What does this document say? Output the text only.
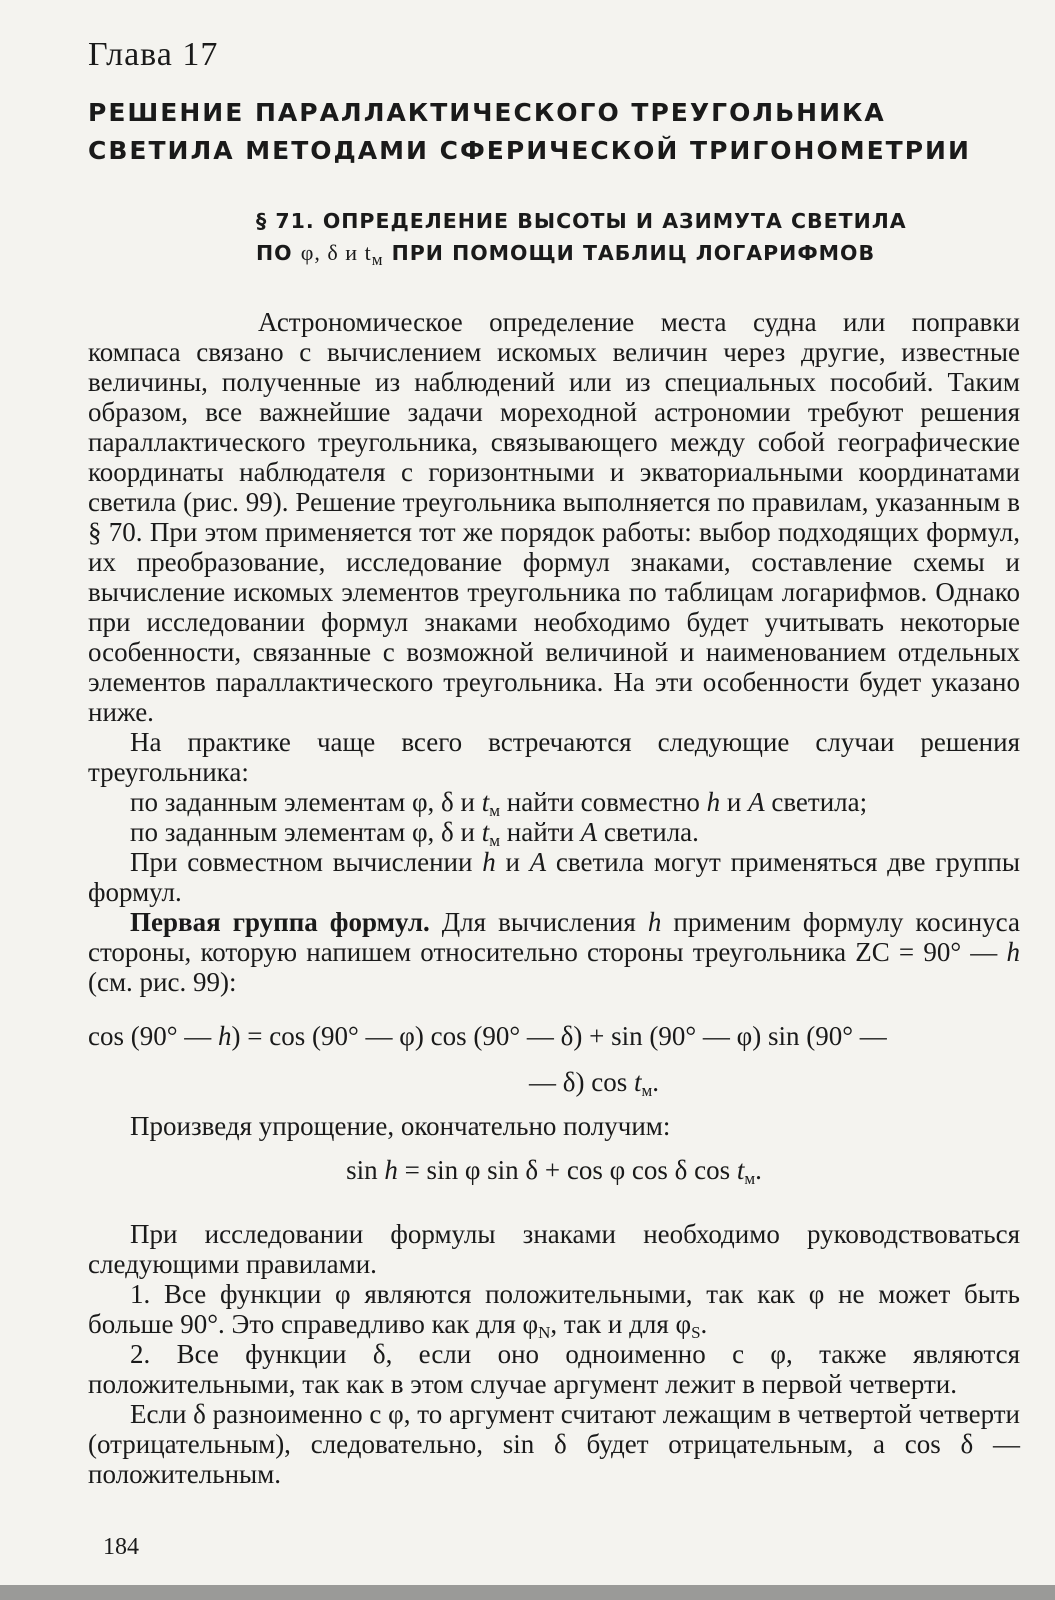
Глава 17
РЕШЕНИЕ ПАРАЛЛАКТИЧЕСКОГО ТРЕУГОЛЬНИКА
СВЕТИЛА МЕТОДАМИ СФЕРИЧЕСКОЙ ТРИГОНОМЕТРИИ
§ 71. ОПРЕДЕЛЕНИЕ ВЫСОТЫ И АЗИМУТА СВЕТИЛА
ПО φ, δ и $t_м$ ПРИ ПОМОЩИ ТАБЛИЦ ЛОГАРИФМОВ

Астрономическое определение места судна или поправки компаса связано с вычислением искомых величин через другие, известные величины, полученные из наблюдений или из специальных пособий. Таким образом, все важнейшие задачи мореходной астрономии требуют решения параллактического треугольника, связывающего между собой географические координаты наблюдателя с горизонтными и экваториальными координатами светила (рис. 99). Решение треугольника выполняется по правилам, указанным в § 70. При этом применяется тот же порядок работы: выбор подходящих формул, их преобразование, исследование формул знаками, составление схемы и вычисление искомых элементов треугольника по таблицам логарифмов. Однако при исследовании формул знаками необходимо будет учитывать некоторые особенности, связанные с возможной величиной и наименованием отдельных элементов параллактического треугольника. На эти особенности будет указано ниже.

На практике чаще всего встречаются следующие случаи решения треугольника:

по заданным элементам φ, δ и $t_м$ найти совместно h и A светила;

по заданным элементам φ, δ и $t_м$ найти A светила.

При совместном вычислении h и A светила могут применяться две группы формул.

Первая группа формул. Для вычисления h применим формулу косинуса стороны, которую напишем относительно стороны треугольника ZC = 90° — h (см. рис. 99):

cos (90° — h) = cos (90° — φ) cos (90° — δ) + sin (90° — φ) sin (90° —
— δ) $\cos t_м$.

Произведя упрощение, окончательно получим:

sin h = sin φ sin δ + cos φ cos δ $\cos t_м$.

При исследовании формулы знаками необходимо руководствоваться следующими правилами.

1. Все функции φ являются положительными, так как φ не может быть больше 90°. Это справедливо как для $\varphi_N$, так и для $\varphi_S$.

2. Все функции δ, если оно одноименно с φ, также являются положительными, так как в этом случае аргумент лежит в первой четверти.

Если δ разноименно с φ, то аргумент считают лежащим в четвертой четверти (отрицательным), следовательно, sin δ будет отрицательным, a cos δ — положительным.

184
